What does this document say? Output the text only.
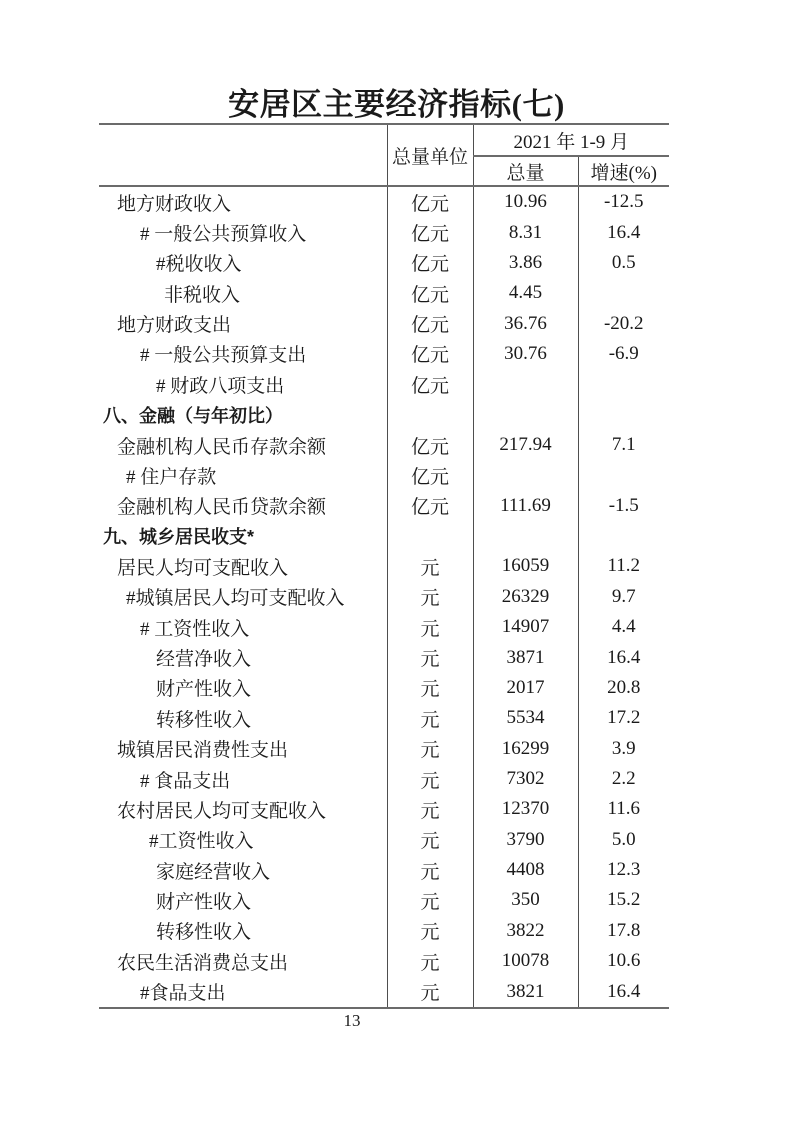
安居区主要经济指标(七)
	总量单位	2021 年 1-9 月	
		总量	增速(%)
地方财政收入	亿元	10.96	-12.5
# 一般公共预算收入	亿元	8.31	16.4
#税收收入	亿元	3.86	0.5
非税收入	亿元	4.45	
地方财政支出	亿元	36.76	-20.2
# 一般公共预算支出	亿元	30.76	-6.9
# 财政八项支出	亿元		
八、金融（与年初比）			
金融机构人民币存款余额	亿元	217.94	7.1
# 住户存款	亿元		
金融机构人民币贷款余额	亿元	111.69	-1.5
九、城乡居民收支*			
居民人均可支配收入	元	16059	11.2
#城镇居民人均可支配收入	元	26329	9.7
# 工资性收入	元	14907	4.4
经营净收入	元	3871	16.4
财产性收入	元	2017	20.8
转移性收入	元	5534	17.2
城镇居民消费性支出	元	16299	3.9
# 食品支出	元	7302	2.2
农村居民人均可支配收入	元	12370	11.6
#工资性收入	元	3790	5.0
家庭经营收入	元	4408	12.3
财产性收入	元	350	15.2
转移性收入	元	3822	17.8
农民生活消费总支出	元	10078	10.6
#食品支出	元	3821	16.4
13
